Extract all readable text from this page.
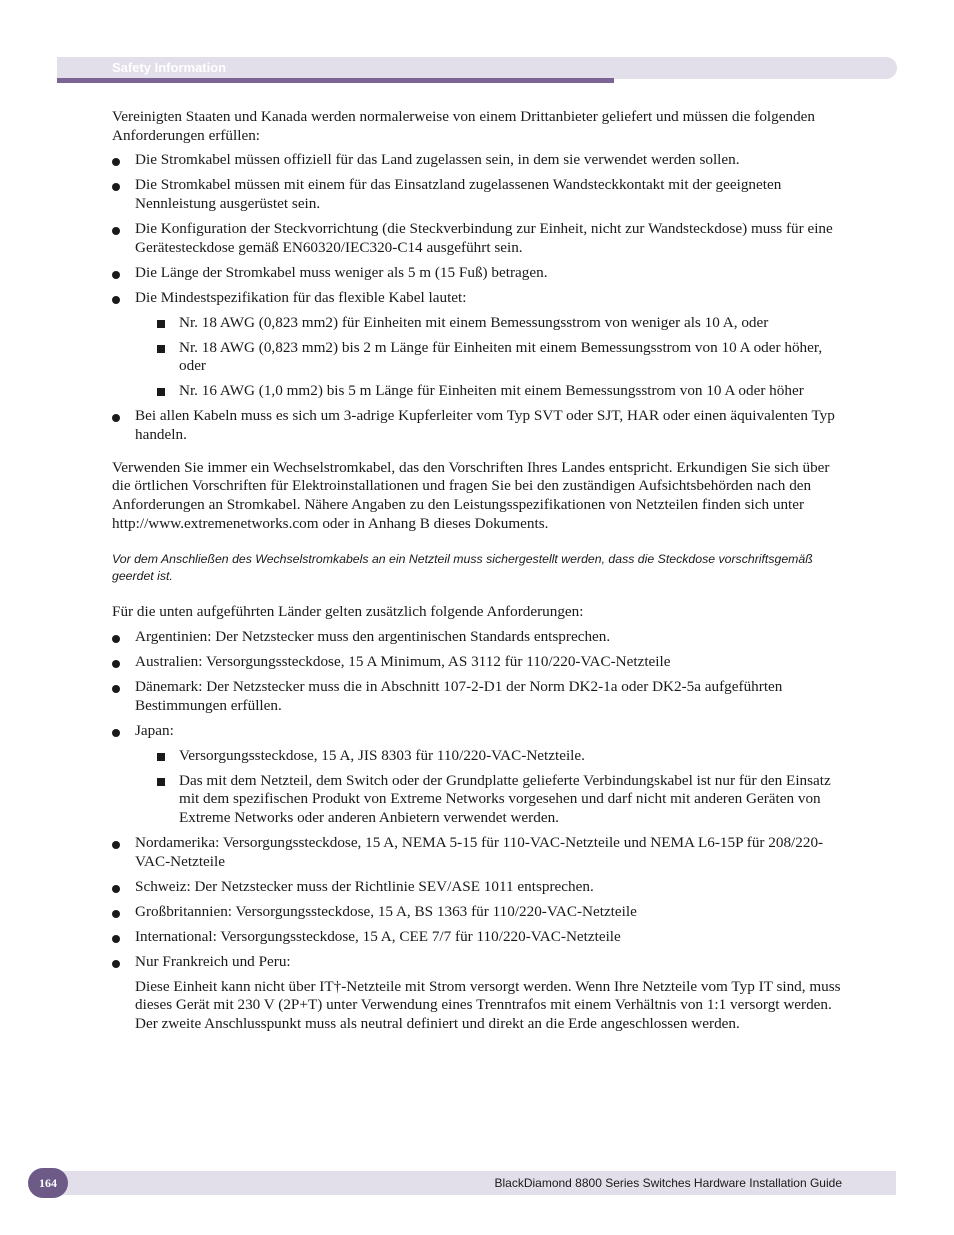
Safety Information

Vereinigten Staaten und Kanada werden normalerweise von einem Drittanbieter geliefert und müssen die folgenden Anforderungen erfüllen:

Die Stromkabel müssen offiziell für das Land zugelassen sein, in dem sie verwendet werden sollen.
Die Stromkabel müssen mit einem für das Einsatzland zugelassenen Wandsteckkontakt mit der geeigneten Nennleistung ausgerüstet sein.
Die Konfiguration der Steckvorrichtung (die Steckverbindung zur Einheit, nicht zur Wandsteckdose) muss für eine Gerätesteckdose gemäß EN60320/IEC320-C14 ausgeführt sein.
Die Länge der Stromkabel muss weniger als 5 m (15 Fuß) betragen.
Die Mindestspezifikation für das flexible Kabel lautet:
Nr. 18 AWG (0,823 mm2) für Einheiten mit einem Bemessungsstrom von weniger als 10 A, oder
Nr. 18 AWG (0,823 mm2) bis 2 m Länge für Einheiten mit einem Bemessungsstrom von 10 A oder höher, oder
Nr. 16 AWG (1,0 mm2) bis 5 m Länge für Einheiten mit einem Bemessungsstrom von 10 A oder höher
Bei allen Kabeln muss es sich um 3-adrige Kupferleiter vom Typ SVT oder SJT, HAR oder einen äquivalenten Typ handeln.

Verwenden Sie immer ein Wechselstromkabel, das den Vorschriften Ihres Landes entspricht. Erkundigen Sie sich über die örtlichen Vorschriften für Elektroinstallationen und fragen Sie bei den zuständigen Aufsichtsbehörden nach den Anforderungen an Stromkabel. Nähere Angaben zu den Leistungsspezifikationen von Netzteilen finden sich unter http://www.extremenetworks.com oder in Anhang B dieses Dokuments.

Vor dem Anschließen des Wechselstromkabels an ein Netzteil muss sichergestellt werden, dass die Steckdose vorschriftsgemäß geerdet ist.

Für die unten aufgeführten Länder gelten zusätzlich folgende Anforderungen:

Argentinien: Der Netzstecker muss den argentinischen Standards entsprechen.
Australien: Versorgungssteckdose, 15 A Minimum, AS 3112 für 110/220-VAC-Netzteile
Dänemark: Der Netzstecker muss die in Abschnitt 107-2-D1 der Norm DK2-1a oder DK2-5a aufgeführten Bestimmungen erfüllen.
Japan:
Versorgungssteckdose, 15 A, JIS 8303 für 110/220-VAC-Netzteile.
Das mit dem Netzteil, dem Switch oder der Grundplatte gelieferte Verbindungskabel ist nur für den Einsatz mit dem spezifischen Produkt von Extreme Networks vorgesehen und darf nicht mit anderen Geräten von Extreme Networks oder anderen Anbietern verwendet werden.
Nordamerika: Versorgungssteckdose, 15 A, NEMA 5-15 für 110-VAC-Netzteile und NEMA L6-15P für 208/220-VAC-Netzteile
Schweiz: Der Netzstecker muss der Richtlinie SEV/ASE 1011 entsprechen.
Großbritannien: Versorgungssteckdose, 15 A, BS 1363 für 110/220-VAC-Netzteile
International: Versorgungssteckdose, 15 A, CEE 7/7 für 110/220-VAC-Netzteile
Nur Frankreich und Peru:

Diese Einheit kann nicht über IT†-Netzteile mit Strom versorgt werden. Wenn Ihre Netzteile vom Typ IT sind, muss dieses Gerät mit 230 V (2P+T) unter Verwendung eines Trenntrafos mit einem Verhältnis von 1:1 versorgt werden. Der zweite Anschlusspunkt muss als neutral definiert und direkt an die Erde angeschlossen werden.

164	BlackDiamond 8800 Series Switches Hardware Installation Guide
